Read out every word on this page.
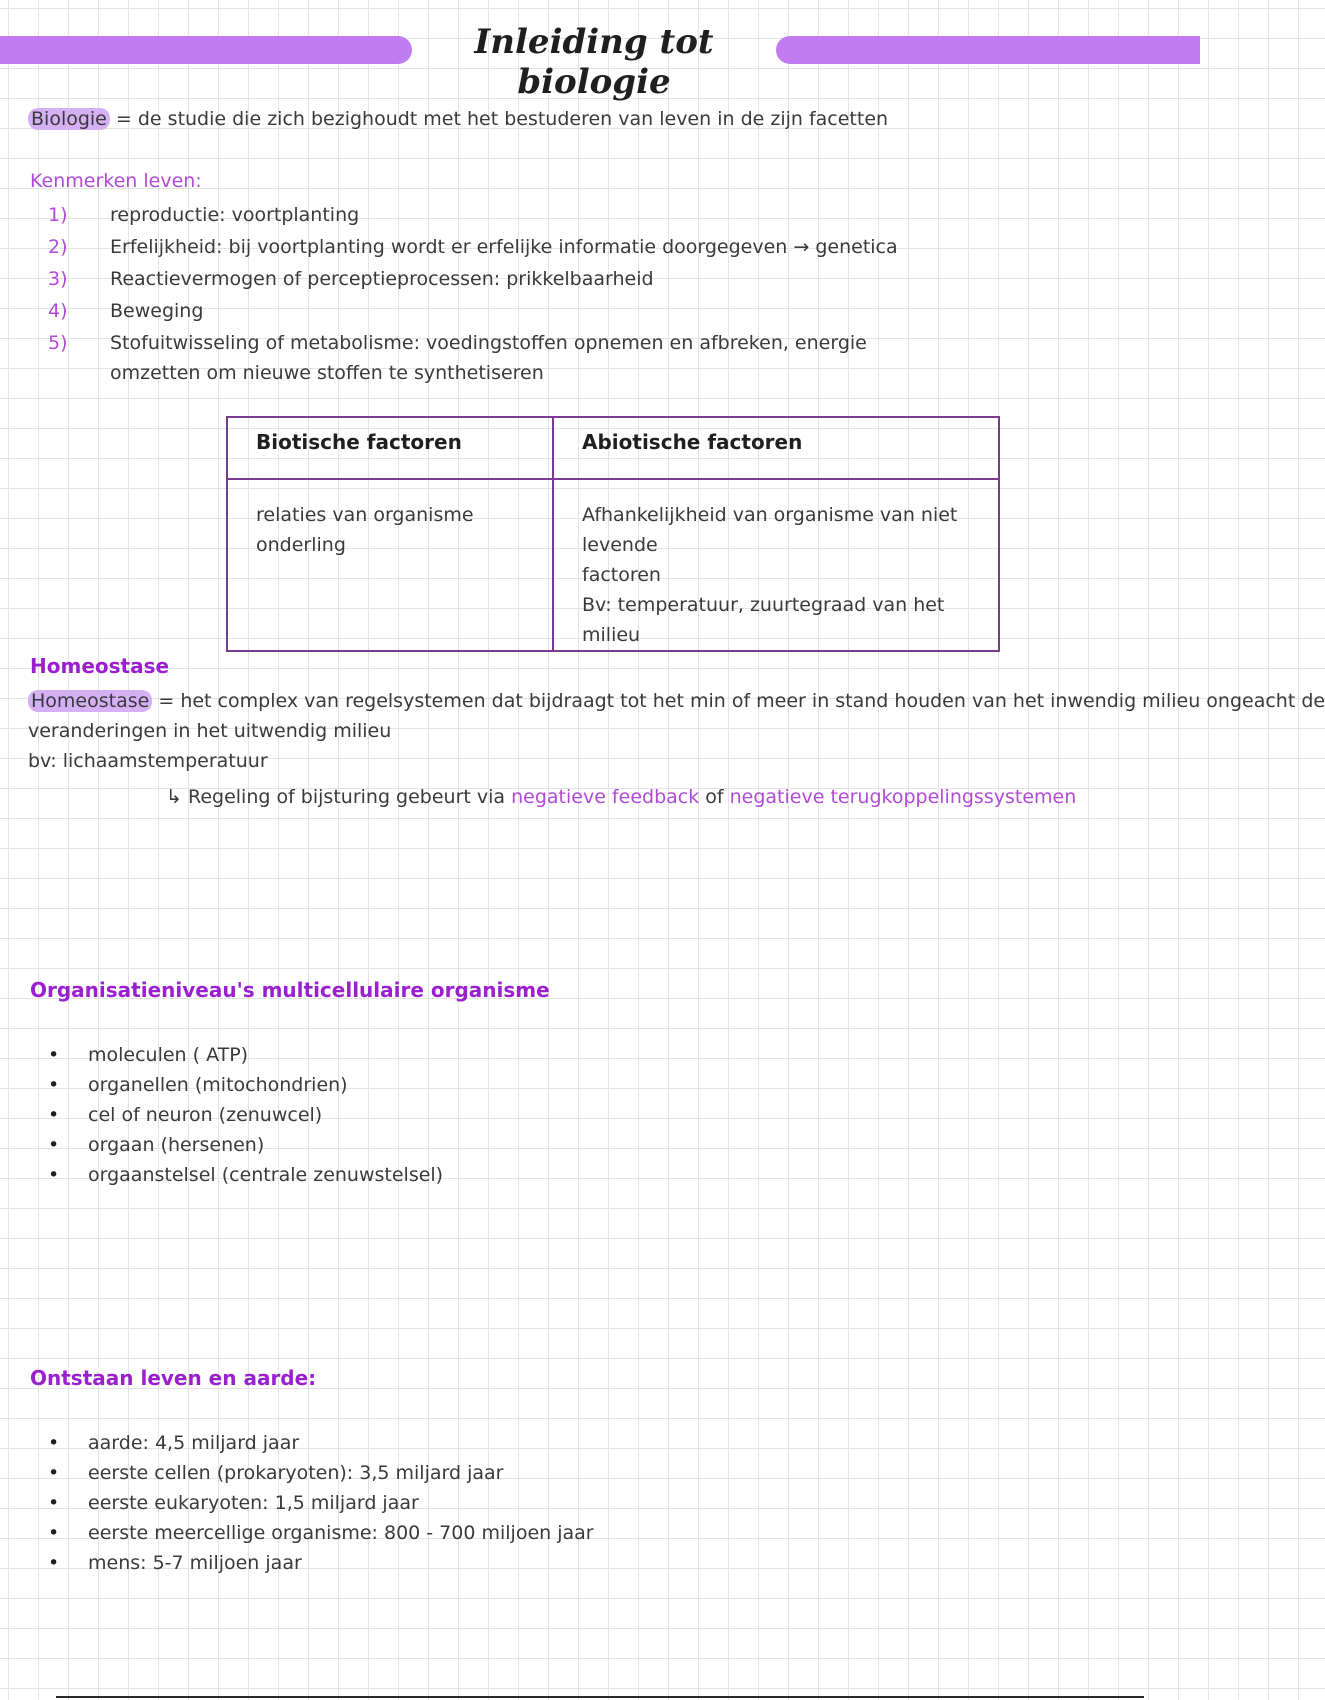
Inleiding tot biologie
Biologie = de studie die zich bezighoudt met het bestuderen van leven in de zijn facetten
Kenmerken leven:
1) reproductie: voortplanting
2) Erfelijkheid: bij voortplanting wordt er erfelijke informatie doorgegeven → genetica
3) Reactievermogen of perceptieprocessen: prikkelbaarheid
4) Beweging
5) Stofuitwisseling of metabolisme: voedingstoffen opnemen en afbreken, energie
omzetten om nieuwe stoffen te synthetiseren
Biotische factoren	Abiotische factoren
relaties van organisme onderling	Afhankelijkheid van organisme van niet levende
factoren
Bv: temperatuur, zuurtegraad van het milieu
Homeostase
Homeostase = het complex van regelsystemen dat bijdraagt tot het min of meer in stand houden van het inwendig milieu ongeacht de
veranderingen in het uitwendig milieu
bv: lichaamstemperatuur
↳ Regeling of bijsturing gebeurt via negatieve feedback of negatieve terugkoppelingssystemen
Organisatieniveau's multicellulaire organisme
• moleculen ( ATP)
• organellen (mitochondrien)
• cel of neuron (zenuwcel)
• orgaan (hersenen)
• orgaanstelsel (centrale zenuwstelsel)
Ontstaan leven en aarde:
• aarde: 4,5 miljard jaar
• eerste cellen (prokaryoten): 3,5 miljard jaar
• eerste eukaryoten: 1,5 miljard jaar
• eerste meercellige organisme: 800 - 700 miljoen jaar
• mens: 5-7 miljoen jaar
